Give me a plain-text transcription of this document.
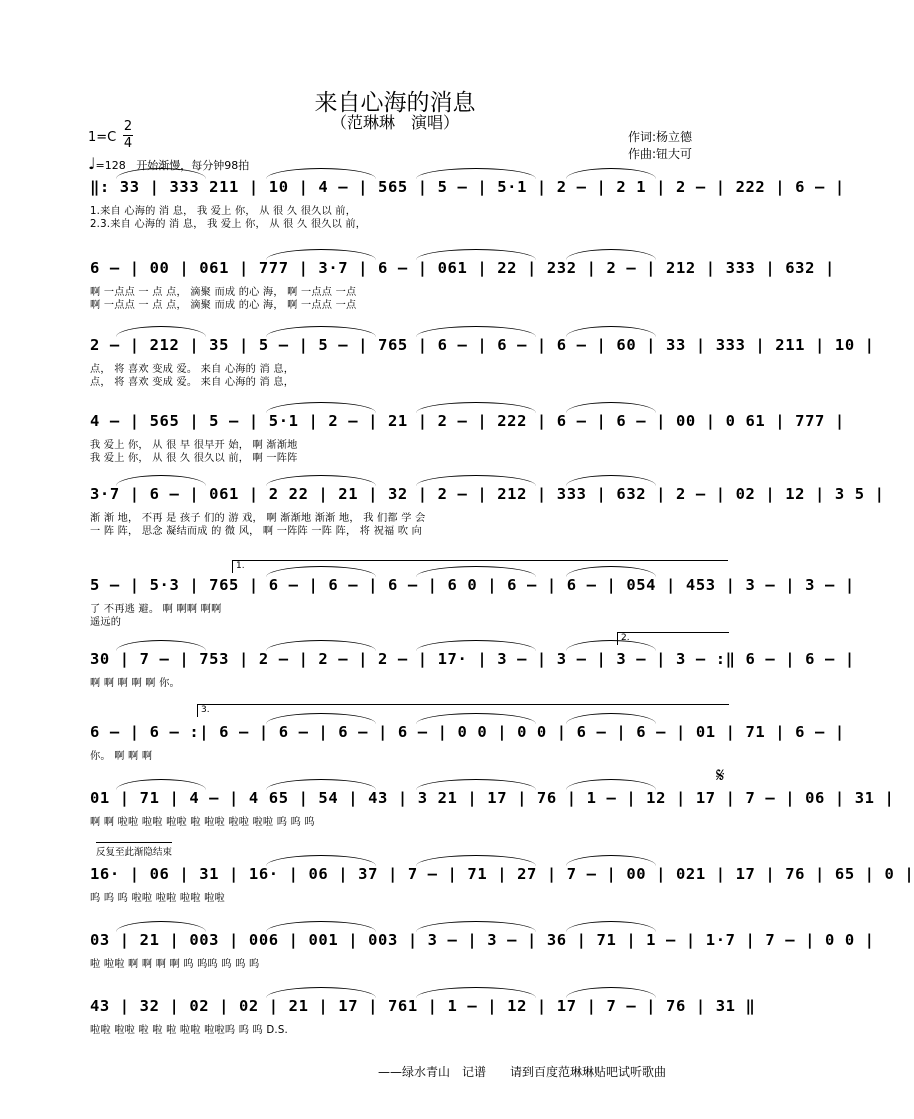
来自心海的消息
（范琳琳　演唱）
1=C
2
4
♩=128 开始渐慢，每分钟98拍
作词:杨立德
作曲:钮大可
‖: 33 | 333 211 | 10 | 4 — | 565 | 5 — | 5·1 | 2 — | 2 1 | 2 — | 222 | 6 — |
1.来自 心海的 消 息， 我 爱上 你， 从 很 久 很久以 前，
2.3.来自 心海的 消 息， 我 爱上 你， 从 很 久 很久以 前，
6 — | 00 | 061 | 777 | 3·7 | 6 — | 061 | 22 | 232 | 2 — | 212 | 333 | 632 |
啊 一点点 一 点 点， 滴聚 而成 的心 海， 啊 一点点 一点
啊 一点点 一 点 点， 滴聚 而成 的心 海， 啊 一点点 一点
2 — | 212 | 35 | 5 — | 5 — | 765 | 6 — | 6 — | 6 — | 60 | 33 | 333 | 211 | 10 |
点， 将 喜欢 变成 爱。 来自 心海的 消 息，
点， 将 喜欢 变成 爱。 来自 心海的 消 息，
4 — | 565 | 5 — | 5·1 | 2 — | 21 | 2 — | 222 | 6 — | 6 — | 00 | 0 61 | 777 |
我 爱上 你， 从 很 早 很早开 始， 啊 渐渐地
我 爱上 你， 从 很 久 很久以 前， 啊 一阵阵
3·7 | 6 — | 061 | 2 22 | 21 | 32 | 2 — | 212 | 333 | 632 | 2 — | 02 | 12 | 3 5 |
渐 渐 地， 不再 是 孩子 们的 游 戏， 啊 渐渐地 渐渐 地， 我 们都 学 会
一 阵 阵， 思念 凝结而成 的 微 风， 啊 一阵阵 一阵 阵， 将 祝福 吹 向
5 — | 5·3 | 765 | 6 — | 6 — | 6 — | 6 0 | 6 — | 6 — | 054 | 453 | 3 — | 3 — |
了 不再逃 避。 啊 啊啊 啊啊
遥远的
30 | 7 — | 753 | 2 — | 2 — | 2 — | 17· | 3 — | 3 — | 3 — | 3 — :‖ 6 — | 6 — |
啊 啊 啊 啊 啊 你。
6 — | 6 — :| 6 — | 6 — | 6 — | 6 — | 0 0 | 0 0 | 6 — | 6 — | 01 | 71 | 6 — |
你。 啊 啊 啊
01 | 71 | 4 — | 4 65 | 54 | 43 | 3 21 | 17 | 76 | 1 — | 12 | 17 | 7 — | 06 | 31 |
啊 啊 啦啦 啦啦 啦啦 啦 啦啦 啦啦 啦啦 呜 呜 呜
16· | 06 | 31 | 16· | 06 | 37 | 7 — | 71 | 27 | 7 — | 00 | 021 | 17 | 76 | 65 | 0 |
呜 呜 呜 啦啦 啦啦 啦啦 啦啦
03 | 21 | 003 | 006 | 001 | 003 | 3 — | 3 — | 36 | 71 | 1 — | 1·7 | 7 — | 0 0 |
啦 啦啦 啊 啊 啊 啊 呜 呜呜 呜 呜 呜
43 | 32 | 02 | 02 | 21 | 17 | 761 | 1 — | 12 | 17 | 7 — | 76 | 31 ‖
啦啦 啦啦 啦 啦 啦 啦啦 啦啦呜 呜 呜 D.S.
1.
2.
3.
𝄋
反复至此渐隐结束
——绿水青山　记谱　　请到百度范琳琳贴吧试听歌曲
